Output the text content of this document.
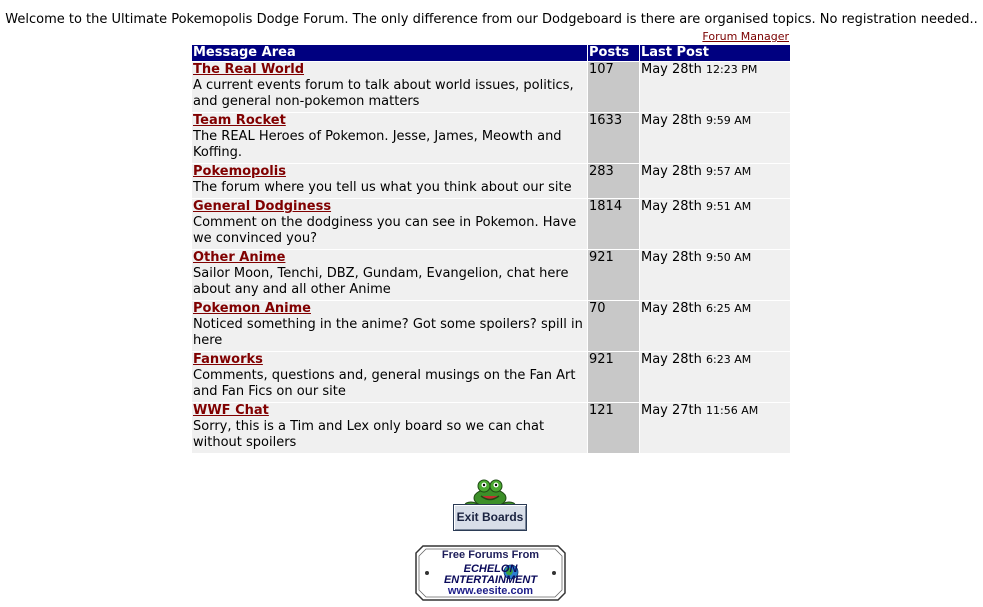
Welcome to the Ultimate Pokemopolis Dodge Forum. The only difference from our Dodgeboard is there are organised topics. No registration needed..
Forum Manager
Message Area	Posts	Last Post
The Real World
A current events forum to talk about world issues, politics, and general non-pokemon matters	107	May 28th 12:23 PM
Team Rocket
The REAL Heroes of Pokemon. Jesse, James, Meowth and Koffing.	1633	May 28th 9:59 AM
Pokemopolis
The forum where you tell us what you think about our site	283	May 28th 9:57 AM
General Dodginess
Comment on the dodginess you can see in Pokemon. Have we convinced you?	1814	May 28th 9:51 AM
Other Anime
Sailor Moon, Tenchi, DBZ, Gundam, Evangelion, chat here about any and all other Anime	921	May 28th 9:50 AM
Pokemon Anime
Noticed something in the anime? Got some spoilers? spill in here	70	May 28th 6:25 AM
Fanworks
Comments, questions and, general musings on the Fan Art and Fan Fics on our site	921	May 28th 6:23 AM
WWF Chat
Sorry, this is a Tim and Lex only board so we can chat without spoilers	121	May 27th 11:56 AM
Exit Boards
Free Forums From
ECHELON
ENTERTAINMENT
www.eesite.com
